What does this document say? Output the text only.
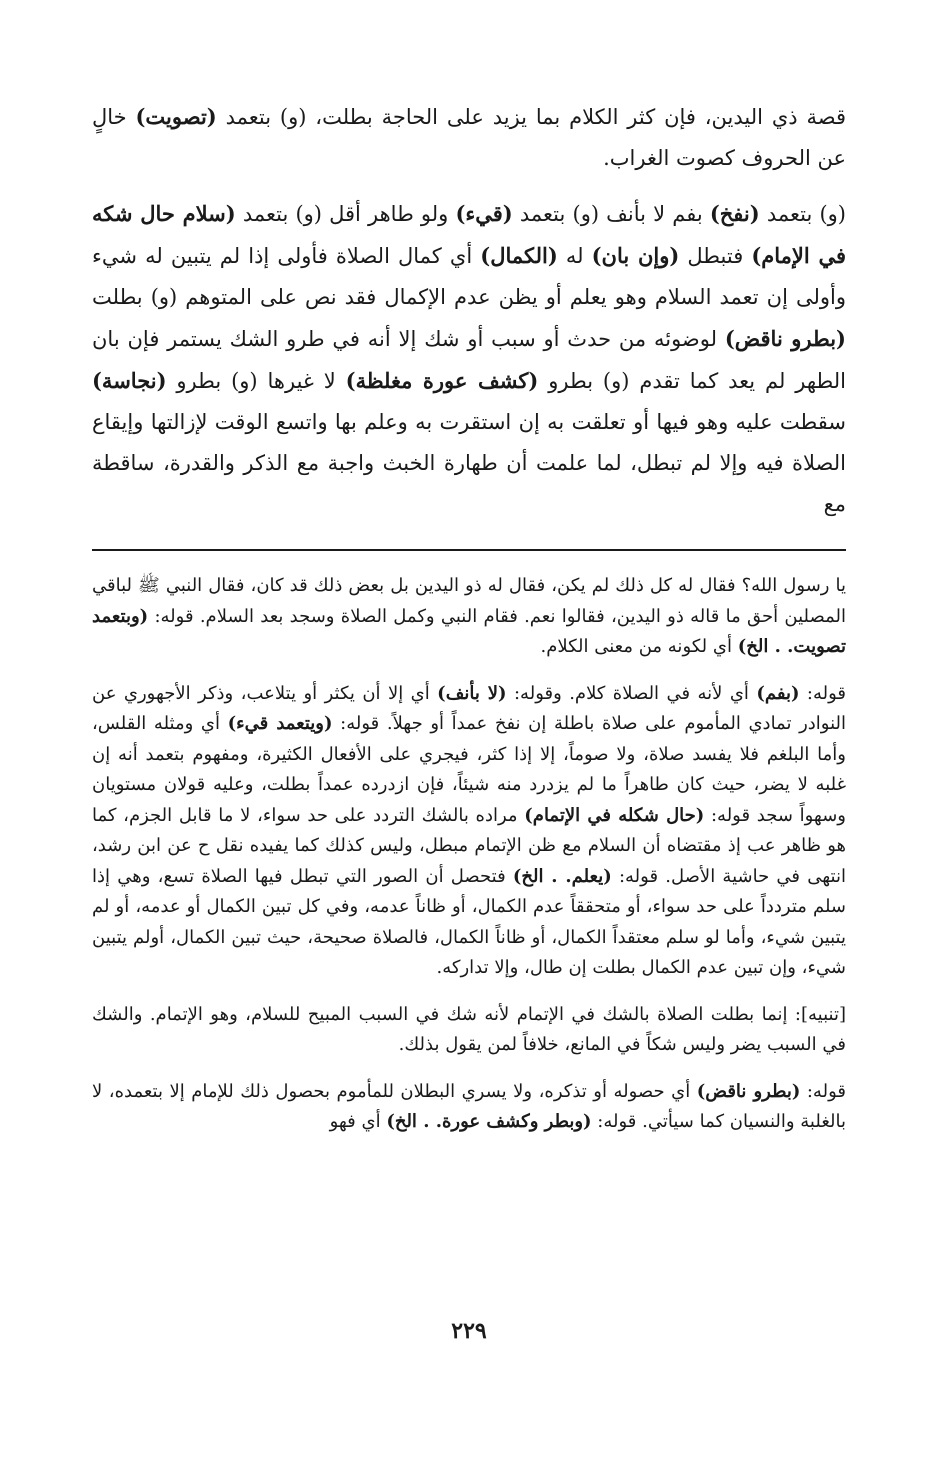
قصة ذي اليدين، فإن كثر الكلام بما يزيد على الحاجة بطلت، (و) بتعمد (تصويت) خالٍ عن الحروف كصوت الغراب.

(و) بتعمد (نفخ) بفم لا بأنف (و) بتعمد (قيء) ولو طاهر أقل (و) بتعمد (سلام حال شكه في الإمام) فتبطل (وإن بان) له (الكمال) أي كمال الصلاة فأولى إذا لم يتبين له شيء وأولى إن تعمد السلام وهو يعلم أو يظن عدم الإكمال فقد نص على المتوهم (و) بطلت (بطرو ناقض) لوضوئه من حدث أو سبب أو شك إلا أنه في طرو الشك يستمر فإن بان الطهر لم يعد كما تقدم (و) بطرو (كشف عورة مغلظة) لا غيرها (و) بطرو (نجاسة) سقطت عليه وهو فيها أو تعلقت به إن استقرت به وعلم بها واتسع الوقت لإزالتها وإيقاع الصلاة فيه وإلا لم تبطل، لما علمت أن طهارة الخبث واجبة مع الذكر والقدرة، ساقطة مع

يا رسول الله؟ فقال له كل ذلك لم يكن، فقال له ذو اليدين بل بعض ذلك قد كان، فقال النبي ﷺ لباقي المصلين أحق ما قاله ذو اليدين، فقالوا نعم. فقام النبي وكمل الصلاة وسجد بعد السلام. قوله: (وبتعمد تصويت. . الخ) أي لكونه من معنى الكلام.

قوله: (بفم) أي لأنه في الصلاة كلام. وقوله: (لا بأنف) أي إلا أن يكثر أو يتلاعب، وذكر الأجهوري عن النوادر تمادي المأموم على صلاة باطلة إن نفخ عمداً أو جهلاً. قوله: (ويتعمد قيء) أي ومثله القلس، وأما البلغم فلا يفسد صلاة، ولا صوماً، إلا إذا كثر، فيجري على الأفعال الكثيرة، ومفهوم بتعمد أنه إن غلبه لا يضر، حيث كان طاهراً ما لم يزدرد منه شيئاً، فإن ازدرده عمداً بطلت، وعليه قولان مستويان وسهواً سجد قوله: (حال شكله في الإتمام) مراده بالشك التردد على حد سواء، لا ما قابل الجزم، كما هو ظاهر عب إذ مقتضاه أن السلام مع ظن الإتمام مبطل، وليس كذلك كما يفيده نقل ح عن ابن رشد، انتهى في حاشية الأصل. قوله: (يعلم. . الخ) فتحصل أن الصور التي تبطل فيها الصلاة تسع، وهي إذا سلم متردداً على حد سواء، أو متحققاً عدم الكمال، أو ظاناً عدمه، وفي كل تبين الكمال أو عدمه، أو لم يتبين شيء، وأما لو سلم معتقداً الكمال، أو ظاناً الكمال، فالصلاة صحيحة، حيث تبين الكمال، أولم يتبين شيء، وإن تبين عدم الكمال بطلت إن طال، وإلا تداركه.

[تنبيه]: إنما بطلت الصلاة بالشك في الإتمام لأنه شك في السبب المبيح للسلام، وهو الإتمام. والشك في السبب يضر وليس شكاً في المانع، خلافاً لمن يقول بذلك.

قوله: (بطرو ناقض) أي حصوله أو تذكره، ولا يسري البطلان للمأموم بحصول ذلك للإمام إلا بتعمده، لا بالغلبة والنسيان كما سيأتي. قوله: (وبطر وكشف عورة. . الخ) أي فهو

٢٢٩
